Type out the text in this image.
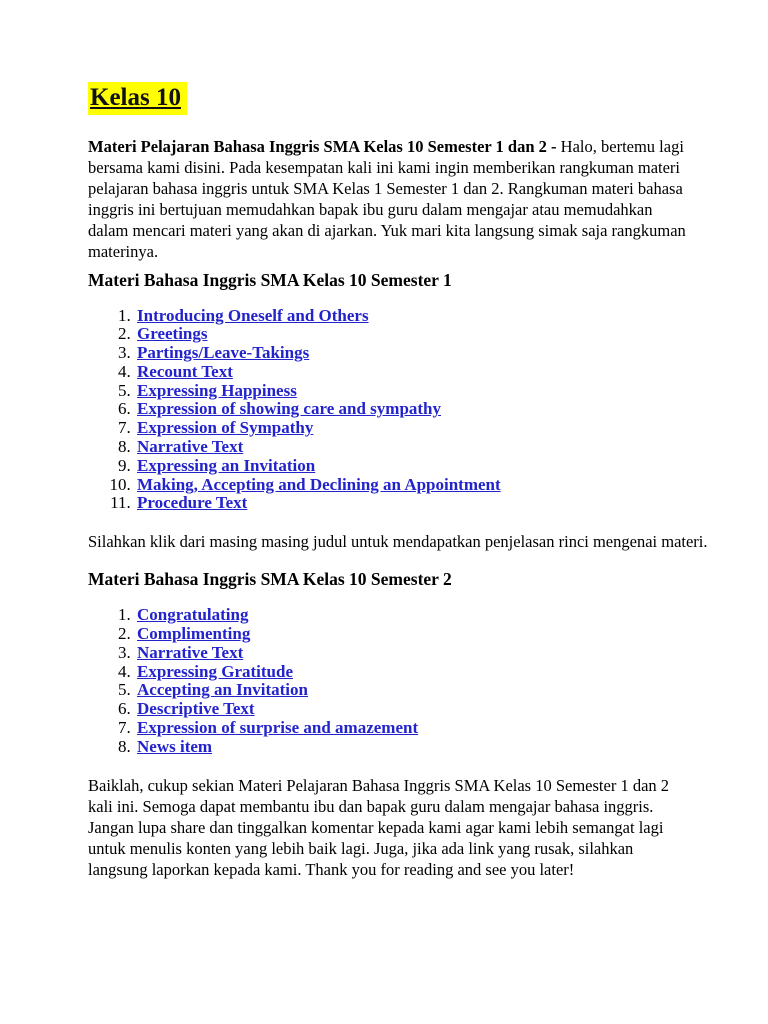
Kelas 10

Materi Pelajaran Bahasa Inggris SMA Kelas 10 Semester 1 dan 2 - Halo, bertemu lagi bersama kami disini. Pada kesempatan kali ini kami ingin memberikan rangkuman materi pelajaran bahasa inggris untuk SMA Kelas 1 Semester 1 dan 2. Rangkuman materi bahasa inggris ini bertujuan memudahkan bapak ibu guru dalam mengajar atau memudahkan dalam mencari materi yang akan di ajarkan. Yuk mari kita langsung simak saja rangkuman materinya.

Materi Bahasa Inggris SMA Kelas 10 Semester 1
1. Introducing Oneself and Others
2. Greetings
3. Partings/Leave-Takings
4. Recount Text
5. Expressing Happiness
6. Expression of showing care and sympathy
7. Expression of Sympathy
8. Narrative Text
9. Expressing an Invitation
10. Making, Accepting and Declining an Appointment
11. Procedure Text

Silahkan klik dari masing masing judul untuk mendapatkan penjelasan rinci mengenai materi.

Materi Bahasa Inggris SMA Kelas 10 Semester 2
1. Congratulating
2. Complimenting
3. Narrative Text
4. Expressing Gratitude
5. Accepting an Invitation
6. Descriptive Text
7. Expression of surprise and amazement
8. News item

Baiklah, cukup sekian Materi Pelajaran Bahasa Inggris SMA Kelas 10 Semester 1 dan 2 kali ini. Semoga dapat membantu ibu dan bapak guru dalam mengajar bahasa inggris. Jangan lupa share dan tinggalkan komentar kepada kami agar kami lebih semangat lagi untuk menulis konten yang lebih baik lagi. Juga, jika ada link yang rusak, silahkan langsung laporkan kepada kami. Thank you for reading and see you later!
